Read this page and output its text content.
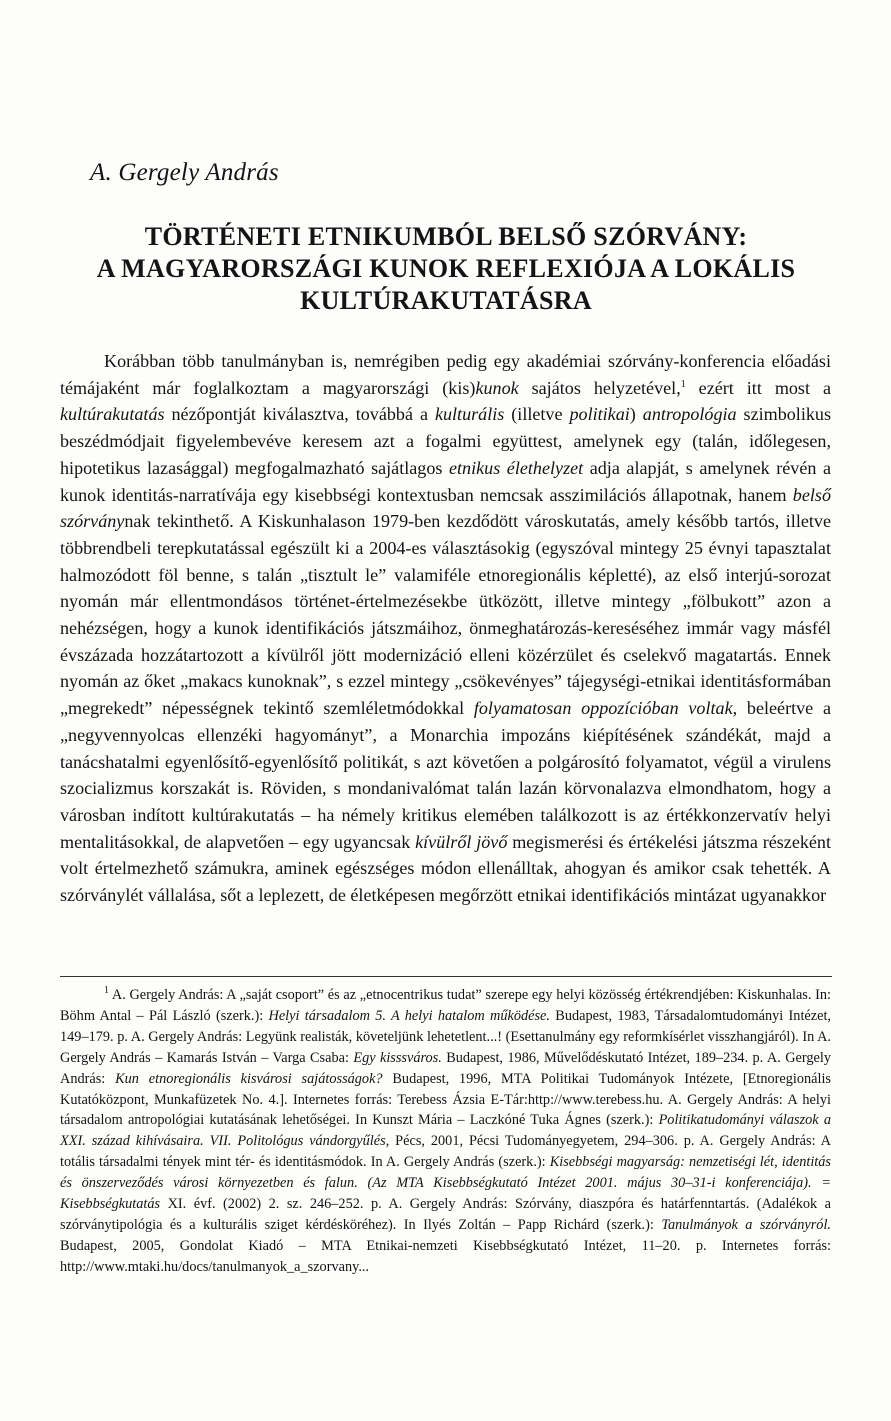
A. Gergely András
TÖRTÉNETI ETNIKUMBÓL BELSŐ SZÓRVÁNY:
A MAGYARORSZÁGI KUNOK REFLEXIÓJA A LOKÁLIS
KULTÚRAKUTATÁSRA

Korábban több tanulmányban is, nemrégiben pedig egy akadémiai szórvány-konferencia előadási témájaként már foglalkoztam a magyarországi (kis)kunok sajátos helyzetével,$^1$ ezért itt most a kultúrakutatás nézőpontját kiválasztva, továbbá a kulturális (illetve politikai) antropológia szimbolikus beszédmódjait figyelembevéve keresem azt a fogalmi együttest, amelynek egy (talán, időlegesen, hipotetikus lazasággal) megfogalmazható sajátlagos etnikus élethelyzet adja alapját, s amelynek révén a kunok identitás-narratívája egy kisebbségi kontextusban nemcsak asszimilációs állapotnak, hanem belső szórványnak tekinthető. A Kiskunhalason 1979-ben kezdődött városkutatás, amely később tartós, illetve többrendbeli terepkutatással egészült ki a 2004-es választásokig (egyszóval mintegy 25 évnyi tapasztalat halmozódott föl benne, s talán „tisztult le” valamiféle etnoregionális képletté), az első interjú-sorozat nyomán már ellentmondásos történet-értelmezésekbe ütközött, illetve mintegy „fölbukott” azon a nehézségen, hogy a kunok identifikációs játszmáihoz, önmeghatározás-kereséséhez immár vagy másfél évszázada hozzátartozott a kívülről jött modernizáció elleni közérzület és cselekvő magatartás. Ennek nyomán az őket „makacs kunoknak”, s ezzel mintegy „csökevényes” tájegységi-etnikai identitásformában „megrekedt” népességnek tekintő szemléletmódokkal folyamatosan oppozícióban voltak, beleértve a „negyvennyolcas ellenzéki hagyományt”, a Monarchia impozáns kiépítésének szándékát, majd a tanácshatalmi egyenlősítő-egyenlősítő politikát, s azt követően a polgárosító folyamatot, végül a virulens szocializmus korszakát is. Röviden, s mondanivalómat talán lazán körvonalazva elmondhatom, hogy a városban indított kultúrakutatás – ha némely kritikus elemében találkozott is az értékkonzervatív helyi mentalitásokkal, de alapvetően – egy ugyancsak kívülről jövő megismerési és értékelési játszma részeként volt értelmezhető számukra, aminek egészséges módon ellenálltak, ahogyan és amikor csak tehették. A szórványlét vállalása, sőt a leplezett, de életképesen megőrzött etnikai identifikációs mintázat ugyanakkor

$^1$ A. Gergely András: A „saját csoport” és az „etnocentrikus tudat” szerepe egy helyi közösség értékrendjében: Kiskunhalas. In: Böhm Antal – Pál László (szerk.): Helyi társadalom 5. A helyi hatalom működése. Budapest, 1983, Társadalomtudományi Intézet, 149–179. p. A. Gergely András: Legyünk realisták, követeljünk lehetetlent...! (Esettanulmány egy reformkísérlet visszhangjáról). In A. Gergely András – Kamarás István – Varga Csaba: Egy kisssváros. Budapest, 1986, Művelődéskutató Intézet, 189–234. p. A. Gergely András: Kun etnoregionális kisvárosi sajátosságok? Budapest, 1996, MTA Politikai Tudományok Intézete, [Etnoregionális Kutatóközpont, Munkafüzetek No. 4.]. Internetes forrás: Terebess Ázsia E-Tár:http://www.terebess.hu. A. Gergely András: A helyi társadalom antropológiai kutatásának lehetőségei. In Kunszt Mária – Laczkóné Tuka Ágnes (szerk.): Politikatudományi válaszok a XXI. század kihívásaira. VII. Politológus vándorgyűlés, Pécs, 2001, Pécsi Tudományegyetem, 294–306. p. A. Gergely András: A totális társadalmi tények mint tér- és identitásmódok. In A. Gergely András (szerk.): Kisebbségi magyarság: nemzetiségi lét, identitás és önszerveződés városi környezetben és falun. (Az MTA Kisebbségkutató Intézet 2001. május 30–31-i konferenciája). = Kisebbségkutatás XI. évf. (2002) 2. sz. 246–252. p. A. Gergely András: Szórvány, diaszpóra és határfenntartás. (Adalékok a szórványtipológia és a kulturális sziget kérdésköréhez). In Ilyés Zoltán – Papp Richárd (szerk.): Tanulmányok a szórványról. Budapest, 2005, Gondolat Kiadó – MTA Etnikai-nemzeti Kisebbségkutató Intézet, 11–20. p. Internetes forrás: http://www.mtaki.hu/docs/tanulmanyok_a_szorvany...
